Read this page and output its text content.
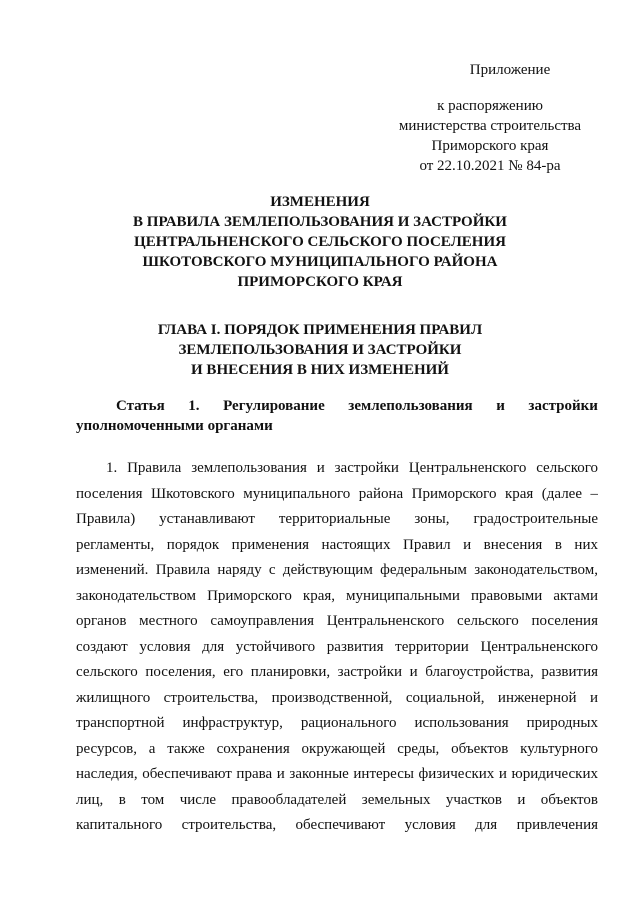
Приложение
к распоряжению
министерства строительства
Приморского края
от 22.10.2021 № 84-ра
ИЗМЕНЕНИЯ
В ПРАВИЛА ЗЕМЛЕПОЛЬЗОВАНИЯ И ЗАСТРОЙКИ
ЦЕНТРАЛЬНЕНСКОГО СЕЛЬСКОГО ПОСЕЛЕНИЯ
ШКОТОВСКОГО МУНИЦИПАЛЬНОГО РАЙОНА
ПРИМОРСКОГО КРАЯ
ГЛАВА I. ПОРЯДОК ПРИМЕНЕНИЯ ПРАВИЛ
ЗЕМЛЕПОЛЬЗОВАНИЯ И ЗАСТРОЙКИ
И ВНЕСЕНИЯ В НИХ ИЗМЕНЕНИЙ
Статья 1. Регулирование землепользования и застройки
уполномоченными органами
1. Правила землепользования и застройки Центральненского сельского
поселения Шкотовского муниципального района Приморского края (далее –
Правила) устанавливают территориальные зоны, градостроительные
регламенты, порядок применения настоящих Правил и внесения в них
изменений. Правила наряду с действующим федеральным законодательством,
законодательством Приморского края, муниципальными правовыми актами
органов местного самоуправления Центральненского сельского поселения
создают условия для устойчивого развития территории Центральненского
сельского поселения, его планировки, застройки и благоустройства, развития
жилищного строительства, производственной, социальной, инженерной и
транспортной инфраструктур, рационального использования природных
ресурсов, а также сохранения окружающей среды, объектов культурного
наследия, обеспечивают права и законные интересы физических и юридических
лиц, в том числе правообладателей земельных участков и объектов
капитального строительства, обеспечивают условия для привлечения
